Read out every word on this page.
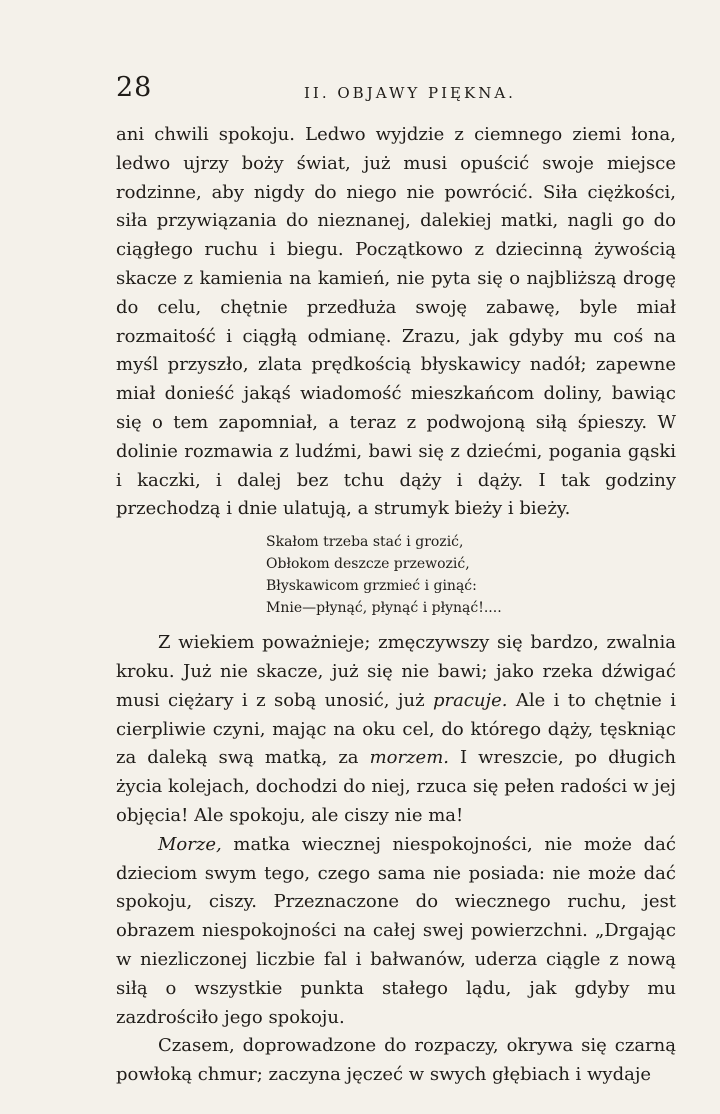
28	II. OBJAWY PIĘKNA.

ani chwili spokoju. Ledwo wyjdzie z ciemnego ziemi łona, ledwo ujrzy boży świat, już musi opuścić swoje miejsce rodzinne, aby nigdy do niego nie powrócić. Siła ciężkości, siła przywiązania do nieznanej, dalekiej matki, nagli go do ciągłego ruchu i biegu. Początkowo z dziecinną żywością skacze z kamienia na kamień, nie pyta się o najbliższą drogę do celu, chętnie przedłuża swoję zabawę, byle miał rozmaitość i ciągłą odmianę. Zrazu, jak gdyby mu coś na myśl przyszło, zlata prędkością błyskawicy nadół; zapewne miał donieść jakąś wiadomość mieszkańcom doliny, bawiąc się o tem zapomniał, a teraz z podwojoną siłą śpieszy. W dolinie rozmawia z ludźmi, bawi się z dziećmi, pogania gąski i kaczki, i dalej bez tchu dąży i dąży. I tak godziny przechodzą i dnie ulatują, a strumyk bieży i bieży.

Skałom trzeba stać i grozić,
Obłokom deszcze przewozić,
Błyskawicom grzmieć i ginąć:
Mnie—płynąć, płynąć i płynąć!....

Z wiekiem poważnieje; zmęczywszy się bardzo, zwalnia kroku. Już nie skacze, już się nie bawi; jako rzeka dźwigać musi ciężary i z sobą unosić, już pracuje. Ale i to chętnie i cierpliwie czyni, mając na oku cel, do którego dąży, tęskniąc za daleką swą matką, za morzem. I wreszcie, po długich życia kolejach, dochodzi do niej, rzuca się pełen radości w jej objęcia! Ale spokoju, ale ciszy nie ma!

Morze, matka wiecznej niespokojności, nie może dać dzieciom swym tego, czego sama nie posiada: nie może dać spokoju, ciszy. Przeznaczone do wiecznego ruchu, jest obrazem niespokojności na całej swej powierzchni. „Drgając w niezliczonej liczbie fal i bałwanów, uderza ciągle z nową siłą o wszystkie punkta stałego lądu, jak gdyby mu zazdrościło jego spokoju.

Czasem, doprowadzone do rozpaczy, okrywa się czarną powłoką chmur; zaczyna jęczeć w swych głębiach i wydaje
